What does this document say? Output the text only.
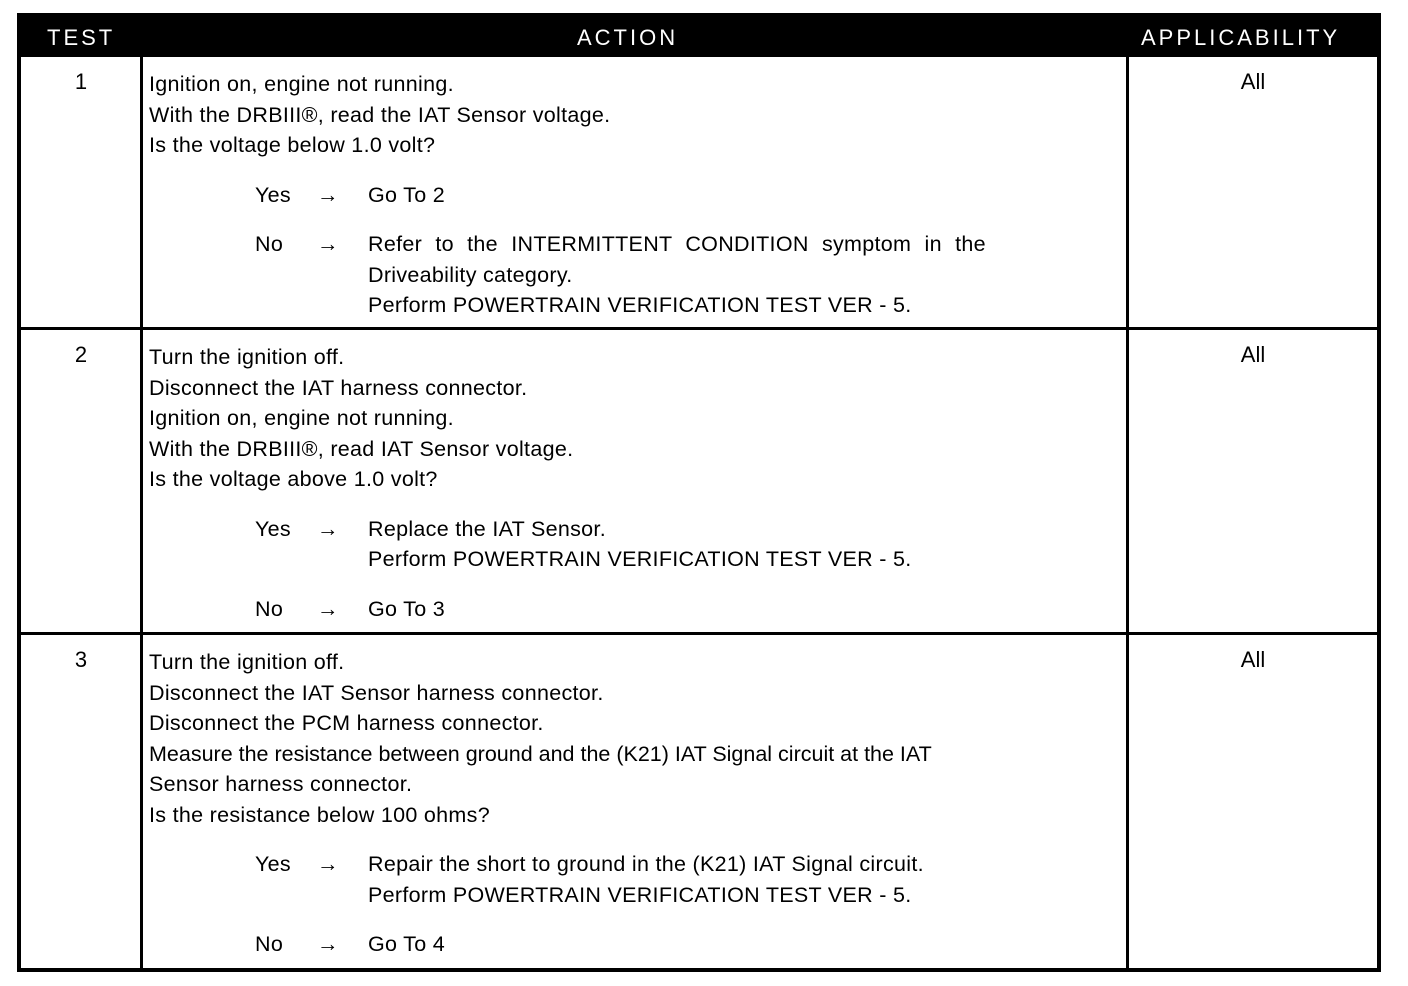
TEST	ACTION	APPLICABILITY
1	Ignition on, engine not running.
With the DRBIII®, read the IAT Sensor voltage.
Is the voltage below 1.0 volt?
Yes → Go To 2
No → Refer to the INTERMITTENT CONDITION symptom in the
Driveability category.
Perform POWERTRAIN VERIFICATION TEST VER - 5.
All
2	Turn the ignition off.
Disconnect the IAT harness connector.
Ignition on, engine not running.
With the DRBIII®, read IAT Sensor voltage.
Is the voltage above 1.0 volt?
Yes → Replace the IAT Sensor.
Perform POWERTRAIN VERIFICATION TEST VER - 5.
No → Go To 3
All
3	Turn the ignition off.
Disconnect the IAT Sensor harness connector.
Disconnect the PCM harness connector.
Measure the resistance between ground and the (K21) IAT Signal circuit at the IAT
Sensor harness connector.
Is the resistance below 100 ohms?
Yes → Repair the short to ground in the (K21) IAT Signal circuit.
Perform POWERTRAIN VERIFICATION TEST VER - 5.
No → Go To 4
All
